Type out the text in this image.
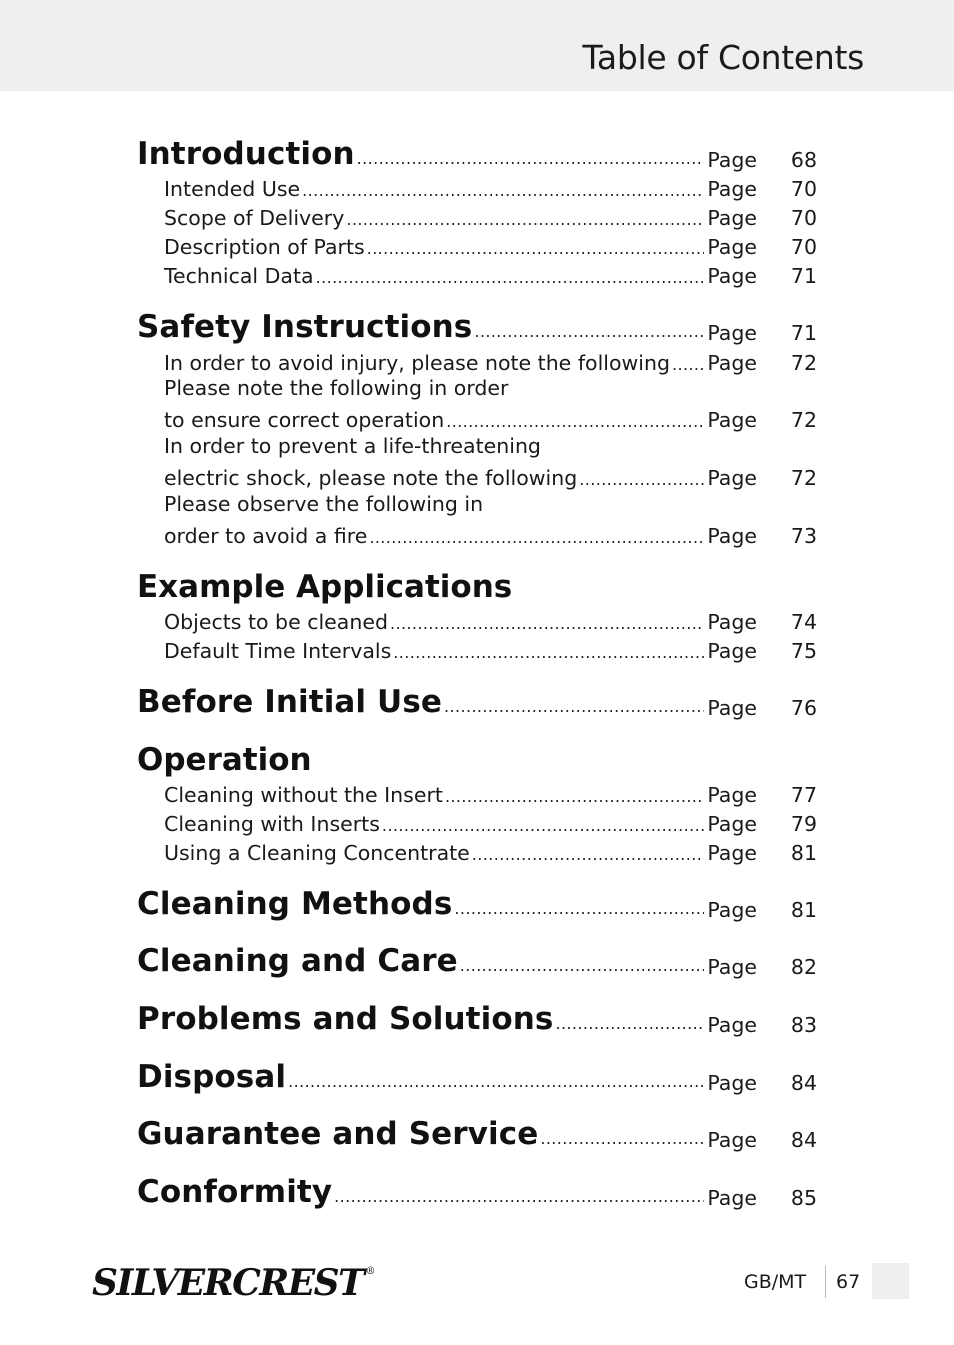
Table of Contents
Introduction .....	Page 68
Intended Use .....	Page 70
Scope of Delivery .....	Page 70
Description of Parts .....	Page 70
Technical Data .....	Page 71
Safety Instructions .....	Page 71
In order to avoid injury, please note the following ..... Page 72
Please note the following in order
to ensure correct operation .....	Page 72
In order to prevent a life-threatening
electric shock, please note the following .....	Page 72
Please observe the following in
order to avoid a fire .....	Page 73
Example Applications
Objects to be cleaned .....	Page 74
Default Time Intervals .....	Page 75
Before Initial Use .....	Page 76
Operation
Cleaning without the Insert .....	Page 77
Cleaning with Inserts .....	Page 79
Using a Cleaning Concentrate .....	Page 81
Cleaning Methods .....	Page 81
Cleaning and Care .....	Page 82
Problems and Solutions .....	Page 83
Disposal .....	Page 84
Guarantee and Service .....	Page 84
Conformity .....	Page 85
SILVERCREST ®	GB/MT 67
